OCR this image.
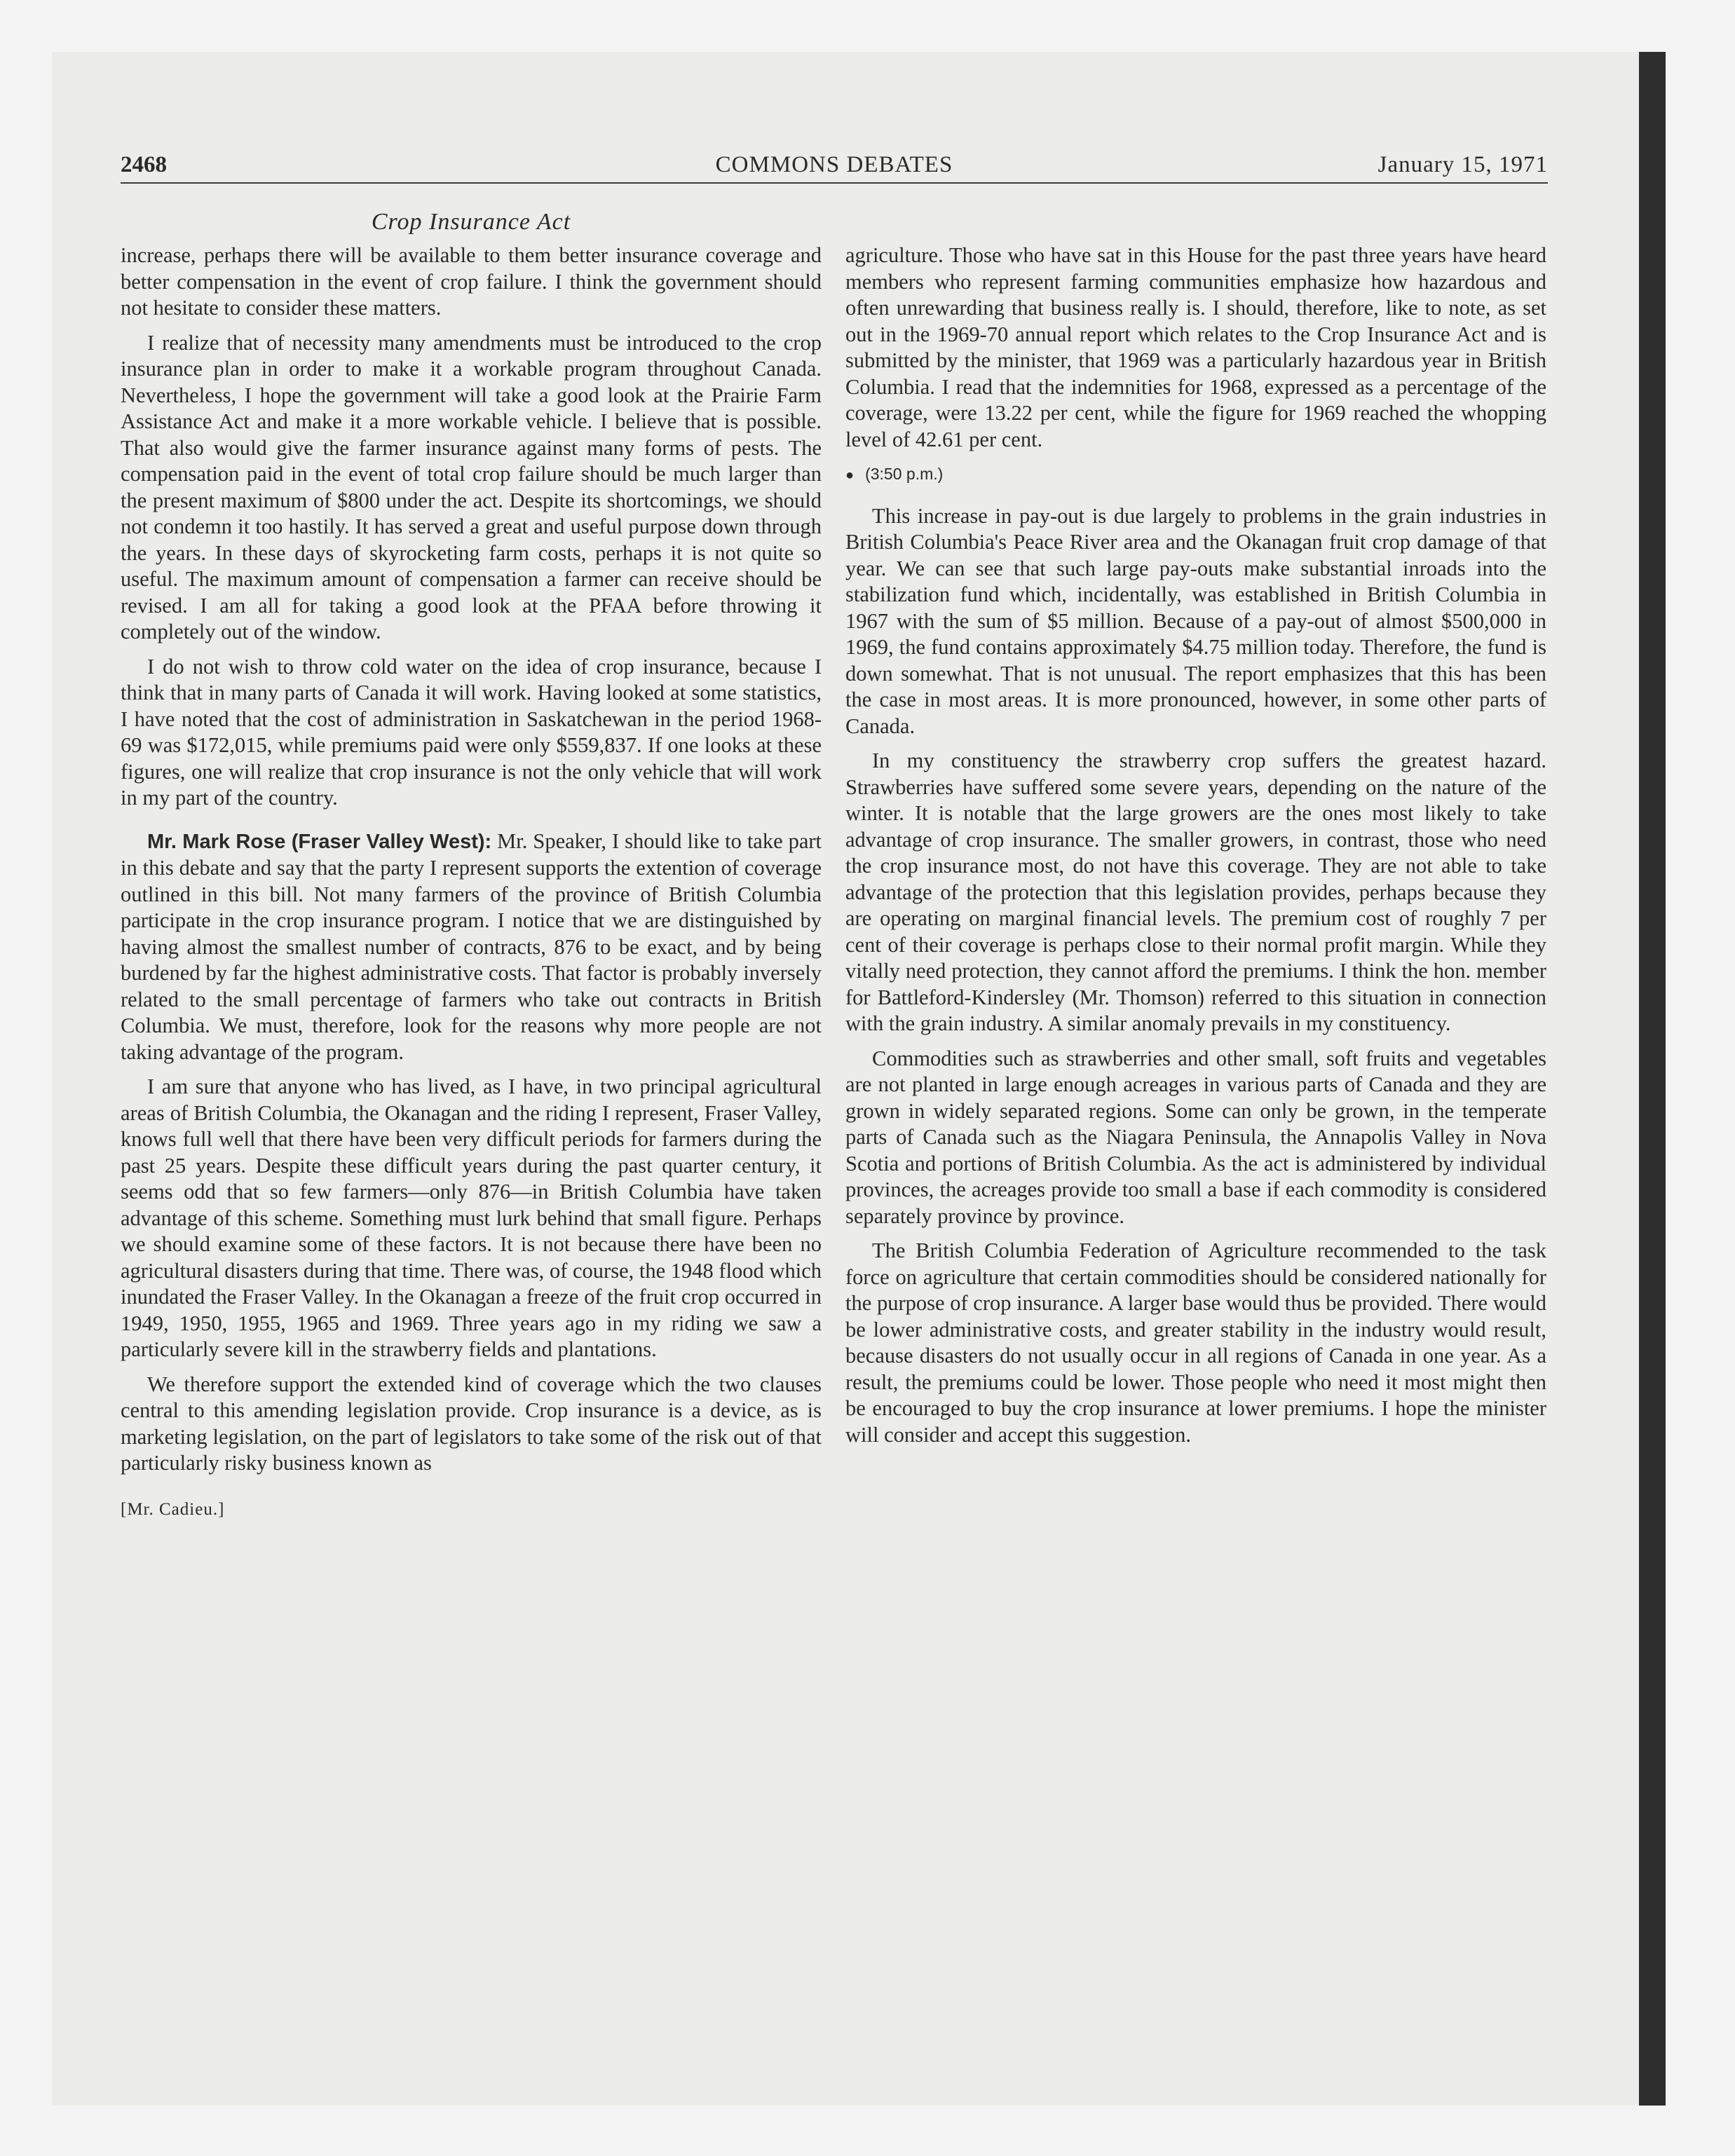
2468	COMMONS DEBATES	January 15, 1971
Crop Insurance Act

increase, perhaps there will be available to them better insurance coverage and better compensation in the event of crop failure. I think the government should not hesitate to consider these matters.

I realize that of necessity many amendments must be introduced to the crop insurance plan in order to make it a workable program throughout Canada. Nevertheless, I hope the government will take a good look at the Prairie Farm Assistance Act and make it a more workable vehicle. I believe that is possible. That also would give the farmer insurance against many forms of pests. The compensation paid in the event of total crop failure should be much larger than the present maximum of $800 under the act. Despite its shortcomings, we should not condemn it too hastily. It has served a great and useful purpose down through the years. In these days of skyrocketing farm costs, perhaps it is not quite so useful. The maximum amount of compensation a farmer can receive should be revised. I am all for taking a good look at the PFAA before throwing it completely out of the window.

I do not wish to throw cold water on the idea of crop insurance, because I think that in many parts of Canada it will work. Having looked at some statistics, I have noted that the cost of administration in Saskatchewan in the period 1968-69 was $172,015, while premiums paid were only $559,837. If one looks at these figures, one will realize that crop insurance is not the only vehicle that will work in my part of the country.

Mr. Mark Rose (Fraser Valley West): Mr. Speaker, I should like to take part in this debate and say that the party I represent supports the extention of coverage outlined in this bill. Not many farmers of the province of British Columbia participate in the crop insurance program. I notice that we are distinguished by having almost the smallest number of contracts, 876 to be exact, and by being burdened by far the highest administrative costs. That factor is probably inversely related to the small percentage of farmers who take out contracts in British Columbia. We must, therefore, look for the reasons why more people are not taking advantage of the program.

I am sure that anyone who has lived, as I have, in two principal agricultural areas of British Columbia, the Okanagan and the riding I represent, Fraser Valley, knows full well that there have been very difficult periods for farmers during the past 25 years. Despite these difficult years during the past quarter century, it seems odd that so few farmers—only 876—in British Columbia have taken advantage of this scheme. Something must lurk behind that small figure. Perhaps we should examine some of these factors. It is not because there have been no agricultural disasters during that time. There was, of course, the 1948 flood which inundated the Fraser Valley. In the Okanagan a freeze of the fruit crop occurred in 1949, 1950, 1955, 1965 and 1969. Three years ago in my riding we saw a particularly severe kill in the strawberry fields and plantations.

We therefore support the extended kind of coverage which the two clauses central to this amending legislation provide. Crop insurance is a device, as is marketing legislation, on the part of legislators to take some of the risk out of that particularly risky business known as

[Mr. Cadieu.]

agriculture. Those who have sat in this House for the past three years have heard members who represent farming communities emphasize how hazardous and often unrewarding that business really is. I should, therefore, like to note, as set out in the 1969-70 annual report which relates to the Crop Insurance Act and is submitted by the minister, that 1969 was a particularly hazardous year in British Columbia. I read that the indemnities for 1968, expressed as a percentage of the coverage, were 13.22 per cent, while the figure for 1969 reached the whopping level of 42.61 per cent.

● (3:50 p.m.)

This increase in pay-out is due largely to problems in the grain industries in British Columbia's Peace River area and the Okanagan fruit crop damage of that year. We can see that such large pay-outs make substantial inroads into the stabilization fund which, incidentally, was established in British Columbia in 1967 with the sum of $5 million. Because of a pay-out of almost $500,000 in 1969, the fund contains approximately $4.75 million today. Therefore, the fund is down somewhat. That is not unusual. The report emphasizes that this has been the case in most areas. It is more pronounced, however, in some other parts of Canada.

In my constituency the strawberry crop suffers the greatest hazard. Strawberries have suffered some severe years, depending on the nature of the winter. It is notable that the large growers are the ones most likely to take advantage of crop insurance. The smaller growers, in contrast, those who need the crop insurance most, do not have this coverage. They are not able to take advantage of the protection that this legislation provides, perhaps because they are operating on marginal financial levels. The premium cost of roughly 7 per cent of their coverage is perhaps close to their normal profit margin. While they vitally need protection, they cannot afford the premiums. I think the hon. member for Battleford-Kindersley (Mr. Thomson) referred to this situation in connection with the grain industry. A similar anomaly prevails in my constituency.

Commodities such as strawberries and other small, soft fruits and vegetables are not planted in large enough acreages in various parts of Canada and they are grown in widely separated regions. Some can only be grown, in the temperate parts of Canada such as the Niagara Peninsula, the Annapolis Valley in Nova Scotia and portions of British Columbia. As the act is administered by individual provinces, the acreages provide too small a base if each commodity is considered separately province by province.

The British Columbia Federation of Agriculture recommended to the task force on agriculture that certain commodities should be considered nationally for the purpose of crop insurance. A larger base would thus be provided. There would be lower administrative costs, and greater stability in the industry would result, because disasters do not usually occur in all regions of Canada in one year. As a result, the premiums could be lower. Those people who need it most might then be encouraged to buy the crop insurance at lower premiums. I hope the minister will consider and accept this suggestion.
